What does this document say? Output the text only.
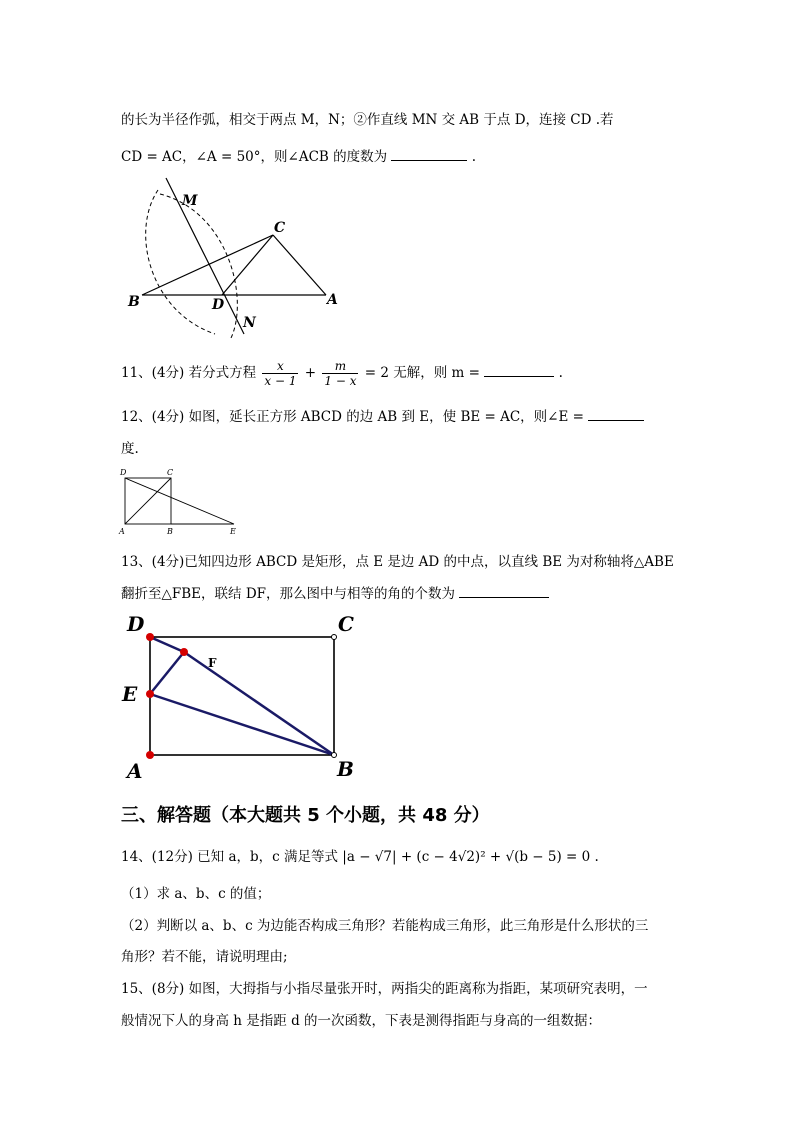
的长为半径作弧，相交于两点 M，N；②作直线 MN 交 AB 于点 D，连接 CD .若
CD = AC，∠A = 50°，则∠ACB 的度数为	.
M
C
B	D	A
N
11、(4分) 若分式方程 $\frac{x}{x - 1} + \frac{m}{1 - x} = 2$ 无解，则 m =	.
12、(4分) 如图，延长正方形 ABCD 的边 AB 到 E，使 BE = AC，则∠E =
度.
D	C
A	B	E
13、(4分)已知四边形 ABCD 是矩形，点 E 是边 AD 的中点，以直线 BE 为对称轴将△ABE
翻折至△FBE，联结 DF，那么图中与相等的角的个数为
D	C
E
F
A	B
三、解答题（本大题共 5 个小题，共 48 分）
14、(12分) 已知 a，b，c 满足等式 |a − √7| + (c − 4√2)² + √(b − 5) = 0 .
（1）求 a、b、c 的值；
（2）判断以 a、b、c 为边能否构成三角形？若能构成三角形，此三角形是什么形状的三
角形？若不能，请说明理由;
15、(8分) 如图，大拇指与小指尽量张开时，两指尖的距离称为指距，某项研究表明，一
般情况下人的身高 h 是指距 d 的一次函数，下表是测得指距与身高的一组数据：
